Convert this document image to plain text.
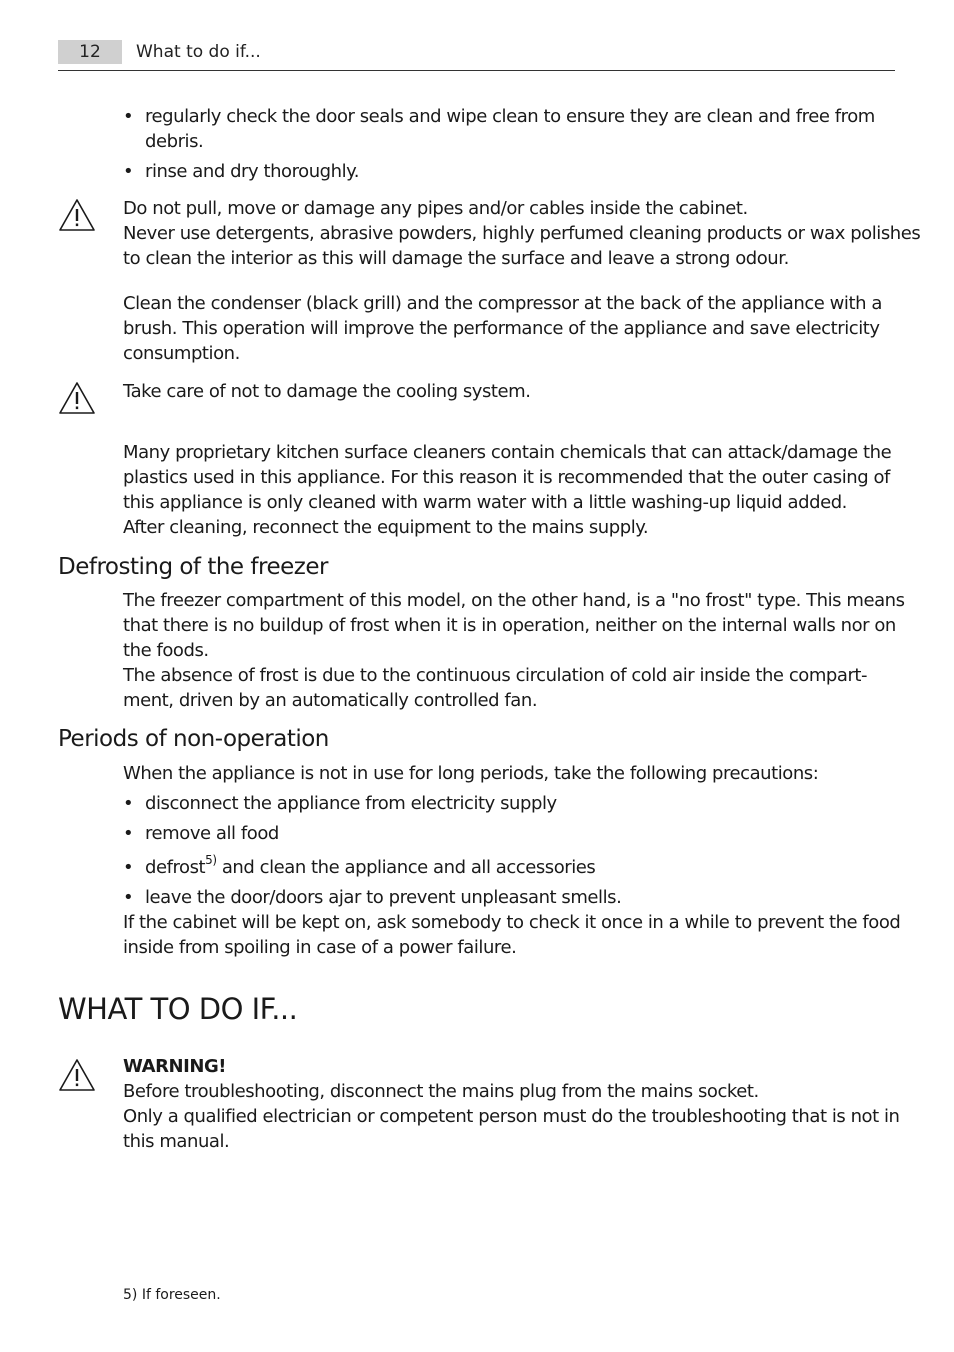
12	What to do if...
• regularly check the door seals and wipe clean to ensure they are clean and free from
debris.
• rinse and dry thoroughly.
Do not pull, move or damage any pipes and/or cables inside the cabinet.
Never use detergents, abrasive powders, highly perfumed cleaning products or wax polishes
to clean the interior as this will damage the surface and leave a strong odour.
Clean the condenser (black grill) and the compressor at the back of the appliance with a
brush. This operation will improve the performance of the appliance and save electricity
consumption.
Take care of not to damage the cooling system.
Many proprietary kitchen surface cleaners contain chemicals that can attack/damage the
plastics used in this appliance. For this reason it is recommended that the outer casing of
this appliance is only cleaned with warm water with a little washing-up liquid added.
After cleaning, reconnect the equipment to the mains supply.
Defrosting of the freezer
The freezer compartment of this model, on the other hand, is a "no frost" type. This means
that there is no buildup of frost when it is in operation, neither on the internal walls nor on
the foods.
The absence of frost is due to the continuous circulation of cold air inside the compart-
ment, driven by an automatically controlled fan.
Periods of non-operation
When the appliance is not in use for long periods, take the following precautions:
• disconnect the appliance from electricity supply
• remove all food
• defrost$^{5)}$ and clean the appliance and all accessories
• leave the door/doors ajar to prevent unpleasant smells.
If the cabinet will be kept on, ask somebody to check it once in a while to prevent the food
inside from spoiling in case of a power failure.
WHAT TO DO IF...
WARNING!
Before troubleshooting, disconnect the mains plug from the mains socket.
Only a qualified electrician or competent person must do the troubleshooting that is not in
this manual.
5) If foreseen.
